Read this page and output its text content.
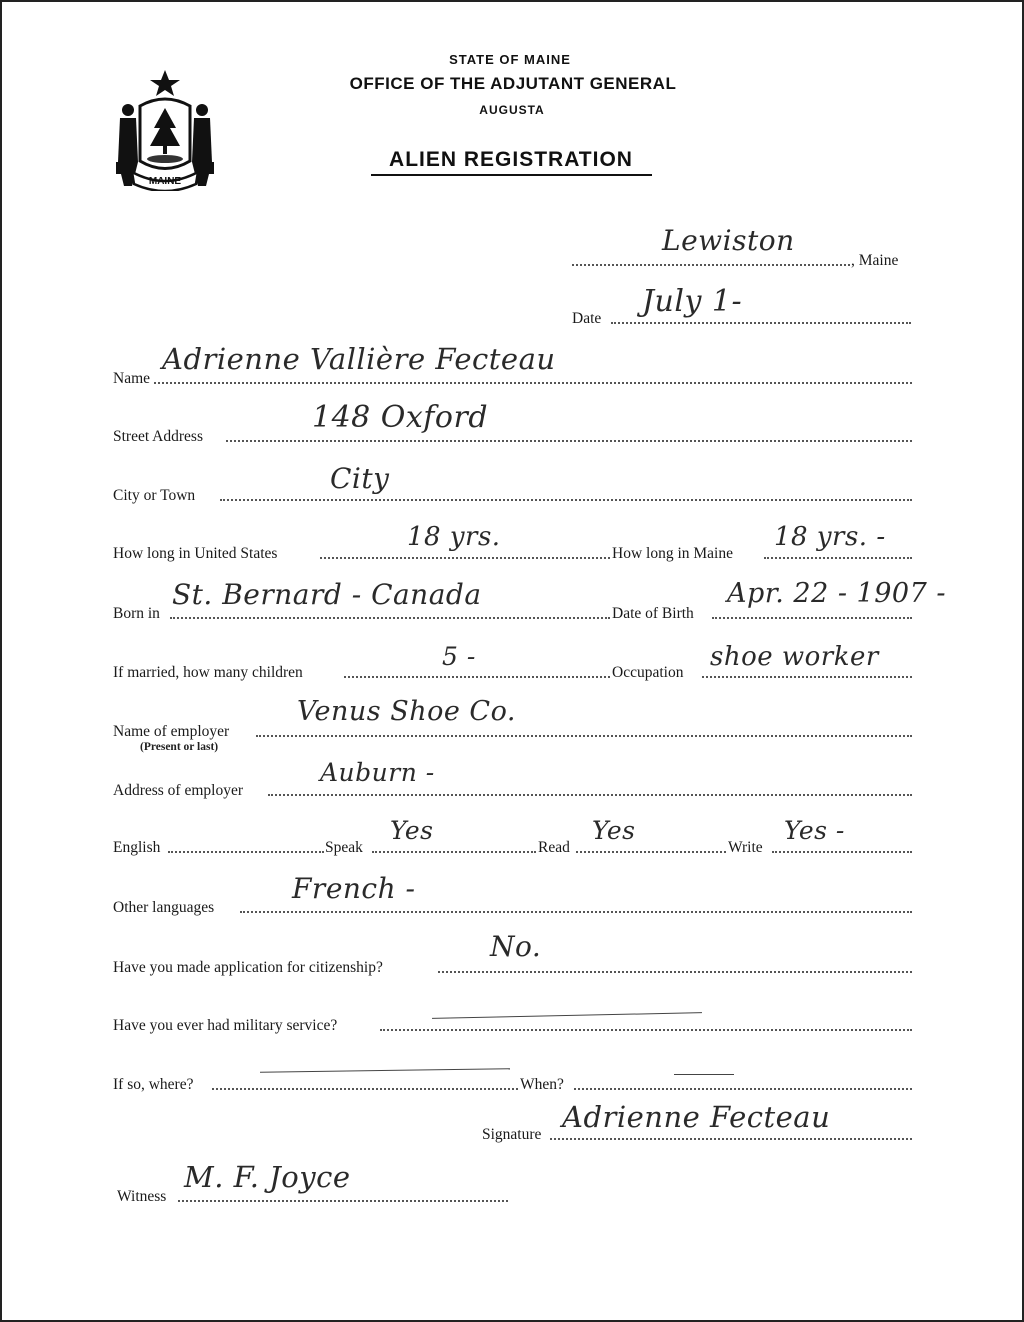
MAINE
STATE OF MAINE
OFFICE OF THE ADJUTANT GENERAL
AUGUSTA
ALIEN REGISTRATION
Lewiston
, Maine
Date July 1-
Name
Adrienne Vallière Fecteau
Street Address
148 Oxford
City or Town
City
How long in United States
18 yrs.
How long in Maine
18 yrs. -
Born in
St. Bernard - Canada
Date of Birth
Apr. 22 - 1907 -
If married, how many children
5 -
Occupation
shoe worker
Name of employer
(Present or last)
Venus Shoe Co.
Address of employer
Auburn -
English	Speak
Yes
Read
Yes
Write
Yes -
Other languages
French -
Have you made application for citizenship?
No.
Have you ever had military service?
If so, where?	When?
Signature
Adrienne Fecteau
Witness
M. F. Joyce
